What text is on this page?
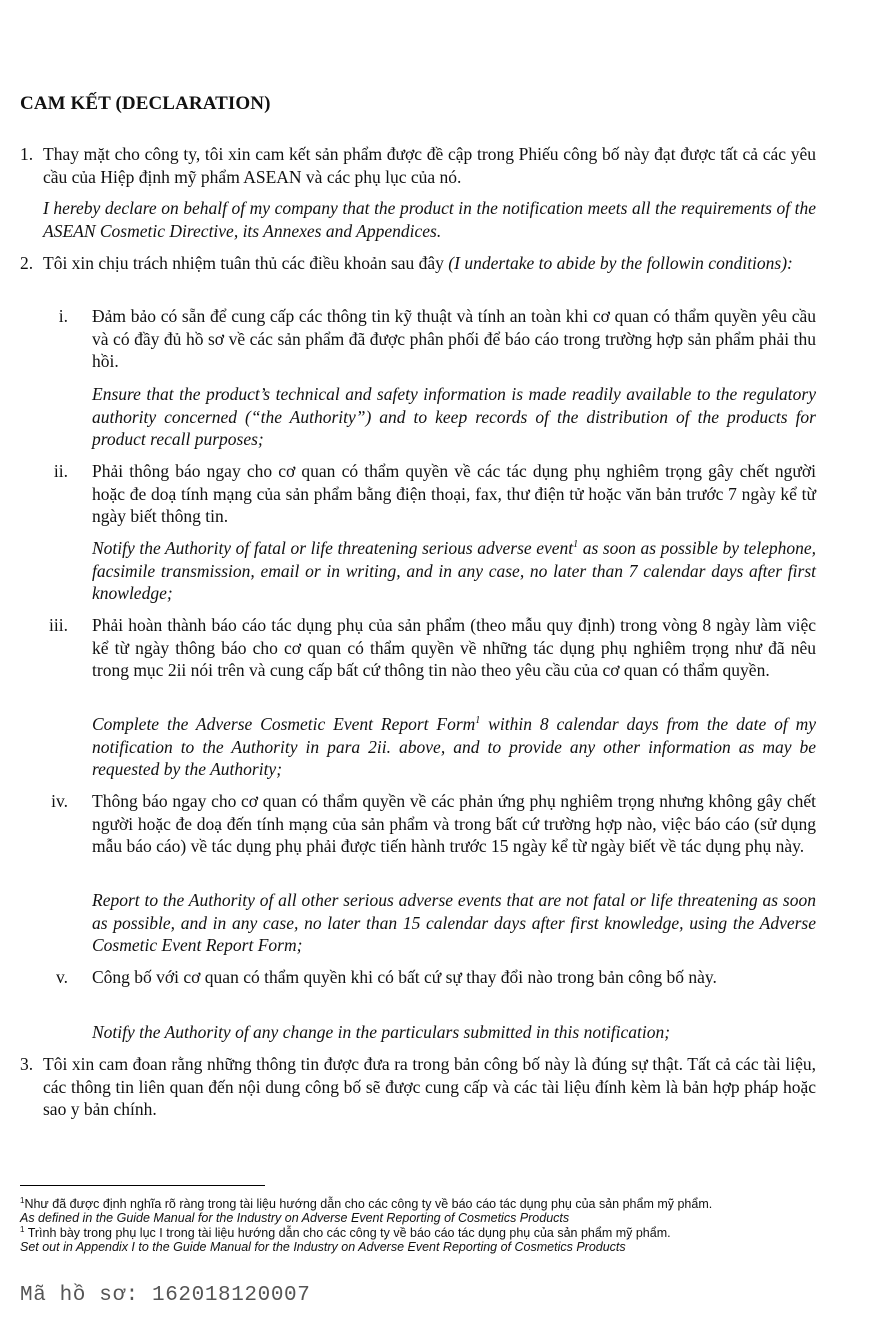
CAM KẾT (DECLARATION)
1. Thay mặt cho công ty, tôi xin cam kết sản phẩm được đề cập trong Phiếu công bố này đạt được tất cả các yêu cầu của Hiệp định mỹ phẩm ASEAN và các phụ lục của nó.
I hereby declare on behalf of my company that the product in the notification meets all the requirements of the ASEAN Cosmetic Directive, its Annexes and Appendices.
2. Tôi xin chịu trách nhiệm tuân thủ các điều khoản sau đây (I undertake to abide by the followin conditions):
i. Đảm bảo có sẵn để cung cấp các thông tin kỹ thuật và tính an toàn khi cơ quan có thẩm quyền yêu cầu và có đầy đủ hồ sơ về các sản phẩm đã được phân phối để báo cáo trong trường hợp sản phẩm phải thu hồi.
Ensure that the product’s technical and safety information is made readily available to the regulatory authority concerned (“the Authority”) and to keep records of the distribution of the products for product recall purposes;
ii. Phải thông báo ngay cho cơ quan có thẩm quyền về các tác dụng phụ nghiêm trọng gây chết người hoặc đe doạ tính mạng của sản phẩm bằng điện thoại, fax, thư điện tử hoặc văn bản trước 7 ngày kể từ ngày biết thông tin.
Notify the Authority of fatal or life threatening serious adverse event$^1$ as soon as possible by telephone, facsimile transmission, email or in writing, and in any case, no later than 7 calendar days after first knowledge;
iii. Phải hoàn thành báo cáo tác dụng phụ của sản phẩm (theo mẫu quy định) trong vòng 8 ngày làm việc kể từ ngày thông báo cho cơ quan có thẩm quyền về những tác dụng phụ nghiêm trọng như đã nêu trong mục 2ii nói trên và cung cấp bất cứ thông tin nào theo yêu cầu của cơ quan có thẩm quyền.
Complete the Adverse Cosmetic Event Report Form$^1$ within 8 calendar days from the date of my notification to the Authority in para 2ii. above, and to provide any other information as may be requested by the Authority;
iv. Thông báo ngay cho cơ quan có thẩm quyền về các phản ứng phụ nghiêm trọng nhưng không gây chết người hoặc đe doạ đến tính mạng của sản phẩm và trong bất cứ trường hợp nào, việc báo cáo (sử dụng mẫu báo cáo) về tác dụng phụ phải được tiến hành trước 15 ngày kể từ ngày biết về tác dụng phụ này.
Report to the Authority of all other serious adverse events that are not fatal or life threatening as soon as possible, and in any case, no later than 15 calendar days after first knowledge, using the Adverse Cosmetic Event Report Form;
v. Công bố với cơ quan có thẩm quyền khi có bất cứ sự thay đổi nào trong bản công bố này.
Notify the Authority of any change in the particulars submitted in this notification;
3. Tôi xin cam đoan rằng những thông tin được đưa ra trong bản công bố này là đúng sự thật. Tất cả các tài liệu, các thông tin liên quan đến nội dung công bố sẽ được cung cấp và các tài liệu đính kèm là bản hợp pháp hoặc sao y bản chính.
$^1$Như đã được định nghĩa rõ ràng trong tài liệu hướng dẫn cho các công ty về báo cáo tác dụng phụ của sản phẩm mỹ phẩm.
As defined in the Guide Manual for the Industry on Adverse Event Reporting of Cosmetics Products
$^1$ Trình bày trong phụ lục I trong tài liệu hướng dẫn cho các công ty về báo cáo tác dụng phụ của sản phẩm mỹ phẩm.
Set out in Appendix I to the Guide Manual for the Industry on Adverse Event Reporting of Cosmetics Products
Mã hồ sơ: 162018120007
